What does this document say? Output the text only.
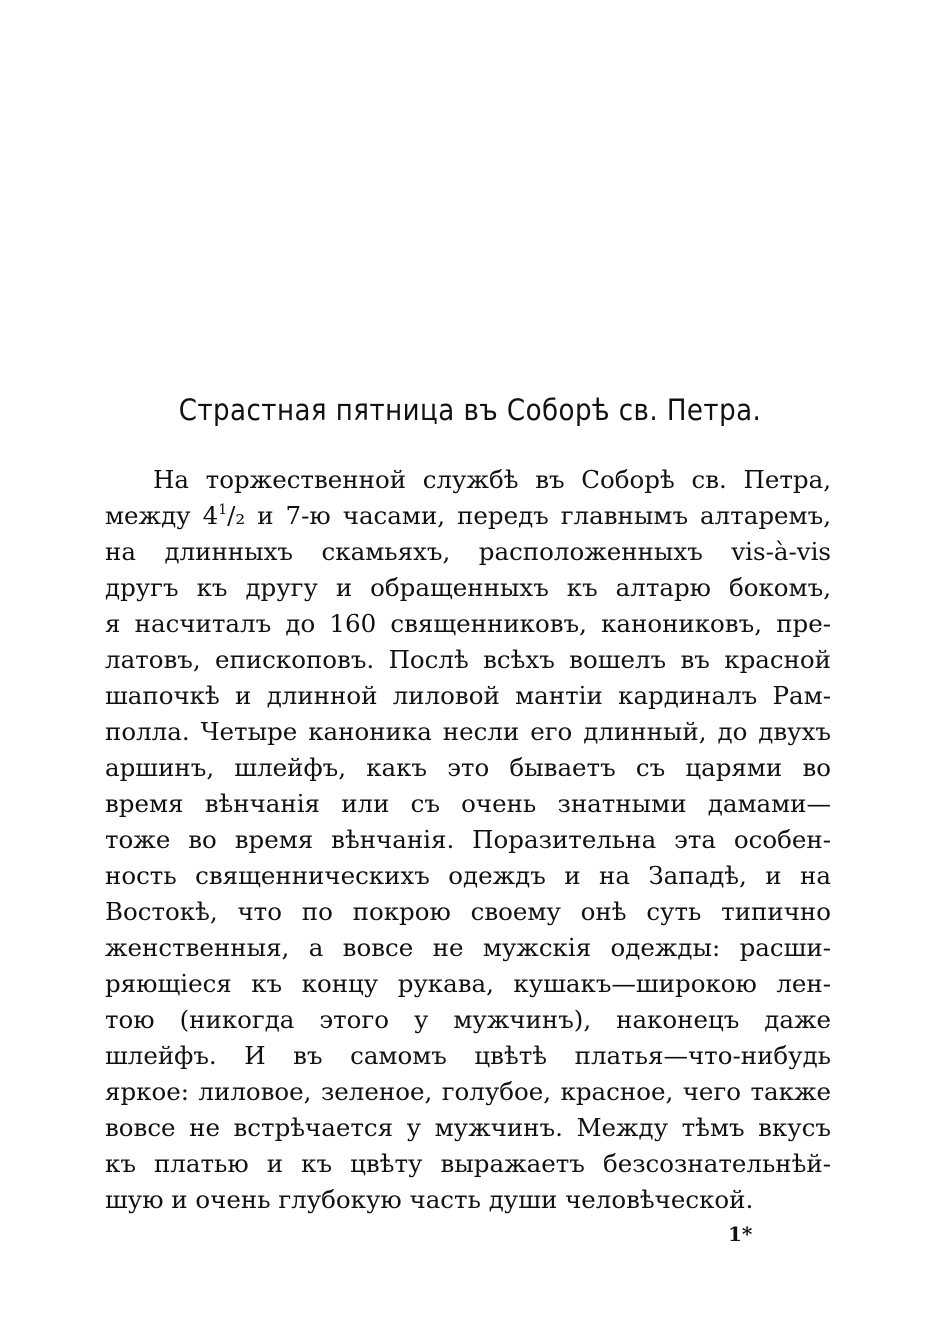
Страстная пятница въ Соборѣ св. Петра.
На торжественной службѣ въ Соборѣ св. Петра,
между $4^1/_2$ и 7-ю часами, передъ главнымъ алтаремъ,
на длинныхъ скамьяхъ, расположенныхъ vis-à-vis
другъ къ другу и обращенныхъ къ алтарю бокомъ,
я насчиталъ до 160 священниковъ, канониковъ, пре-
латовъ, епископовъ. Послѣ всѣхъ вошелъ въ красной
шапочкѣ и длинной лиловой мантіи кардиналъ Рам-
полла. Четыре каноника несли его длинный, до двухъ
аршинъ, шлейфъ, какъ это бываетъ съ царями во
время вѣнчанія или съ очень знатными дамами—
тоже во время вѣнчанія. Поразительна эта особен-
ность священническихъ одеждъ и на Западѣ, и на
Востокѣ, что по покрою своему онѣ суть типично
женственныя, а вовсе не мужскія одежды: расши-
ряющіеся къ концу рукава, кушакъ—широкою лен-
тою (никогда этого у мужчинъ), наконецъ даже
шлейфъ. И въ самомъ цвѣтѣ платья—что-нибудь
яркое: лиловое, зеленое, голубое, красное, чего также
вовсе не встрѣчается у мужчинъ. Между тѣмъ вкусъ
къ платью и къ цвѣту выражаетъ безсознательнѣй-
шую и очень глубокую часть души человѣческой.
1*
